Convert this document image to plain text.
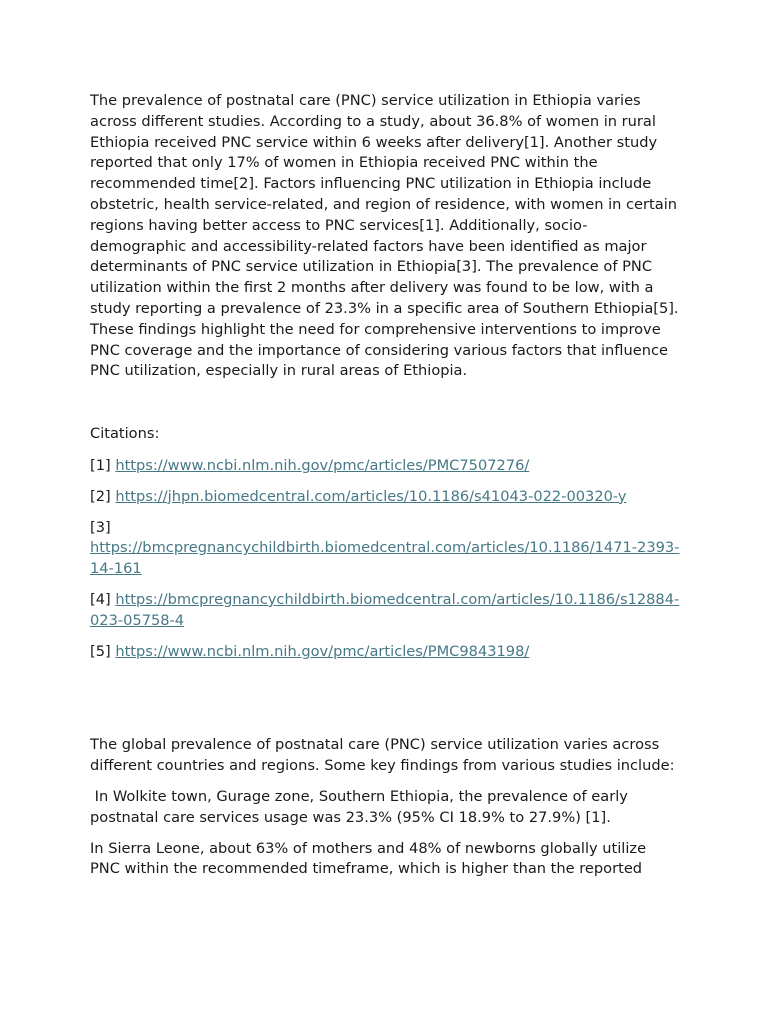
The prevalence of postnatal care (PNC) service utilization in Ethiopia varies across different studies. According to a study, about 36.8% of women in rural Ethiopia received PNC service within 6 weeks after delivery[1]. Another study reported that only 17% of women in Ethiopia received PNC within the recommended time[2]. Factors influencing PNC utilization in Ethiopia include obstetric, health service-related, and region of residence, with women in certain regions having better access to PNC services[1]. Additionally, socio-demographic and accessibility-related factors have been identified as major determinants of PNC service utilization in Ethiopia[3]. The prevalence of PNC utilization within the first 2 months after delivery was found to be low, with a study reporting a prevalence of 23.3% in a specific area of Southern Ethiopia[5]. These findings highlight the need for comprehensive interventions to improve PNC coverage and the importance of considering various factors that influence PNC utilization, especially in rural areas of Ethiopia.

Citations:

[1] https://www.ncbi.nlm.nih.gov/pmc/articles/PMC7507276/

[2] https://jhpn.biomedcentral.com/articles/10.1186/s41043-022-00320-y

[3]
https://bmcpregnancychildbirth.biomedcentral.com/articles/10.1186/1471-2393-14-161

[4] https://bmcpregnancychildbirth.biomedcentral.com/articles/10.1186/s12884-023-05758-4

[5] https://www.ncbi.nlm.nih.gov/pmc/articles/PMC9843198/

The global prevalence of postnatal care (PNC) service utilization varies across different countries and regions. Some key findings from various studies include:

In Wolkite town, Gurage zone, Southern Ethiopia, the prevalence of early postnatal care services usage was 23.3% (95% CI 18.9% to 27.9%) [1].

In Sierra Leone, about 63% of mothers and 48% of newborns globally utilize PNC within the recommended timeframe, which is higher than the reported
